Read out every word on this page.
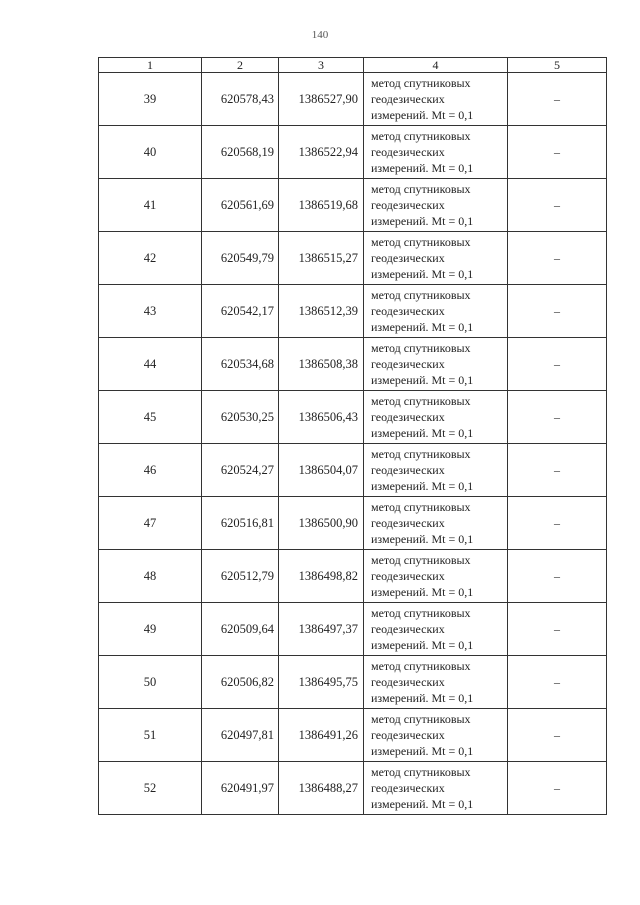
140
1	2	3	4	5
39	620578,43	1386527,90	метод спутниковых
геодезических
измерений. Mt = 0,1	–
40	620568,19	1386522,94	метод спутниковых
геодезических
измерений. Mt = 0,1	–
41	620561,69	1386519,68	метод спутниковых
геодезических
измерений. Mt = 0,1	–
42	620549,79	1386515,27	метод спутниковых
геодезических
измерений. Mt = 0,1	–
43	620542,17	1386512,39	метод спутниковых
геодезических
измерений. Mt = 0,1	–
44	620534,68	1386508,38	метод спутниковых
геодезических
измерений. Mt = 0,1	–
45	620530,25	1386506,43	метод спутниковых
геодезических
измерений. Mt = 0,1	–
46	620524,27	1386504,07	метод спутниковых
геодезических
измерений. Mt = 0,1	–
47	620516,81	1386500,90	метод спутниковых
геодезических
измерений. Mt = 0,1	–
48	620512,79	1386498,82	метод спутниковых
геодезических
измерений. Mt = 0,1	–
49	620509,64	1386497,37	метод спутниковых
геодезических
измерений. Mt = 0,1	–
50	620506,82	1386495,75	метод спутниковых
геодезических
измерений. Mt = 0,1	–
51	620497,81	1386491,26	метод спутниковых
геодезических
измерений. Mt = 0,1	–
52	620491,97	1386488,27	метод спутниковых
геодезических
измерений. Mt = 0,1	–
